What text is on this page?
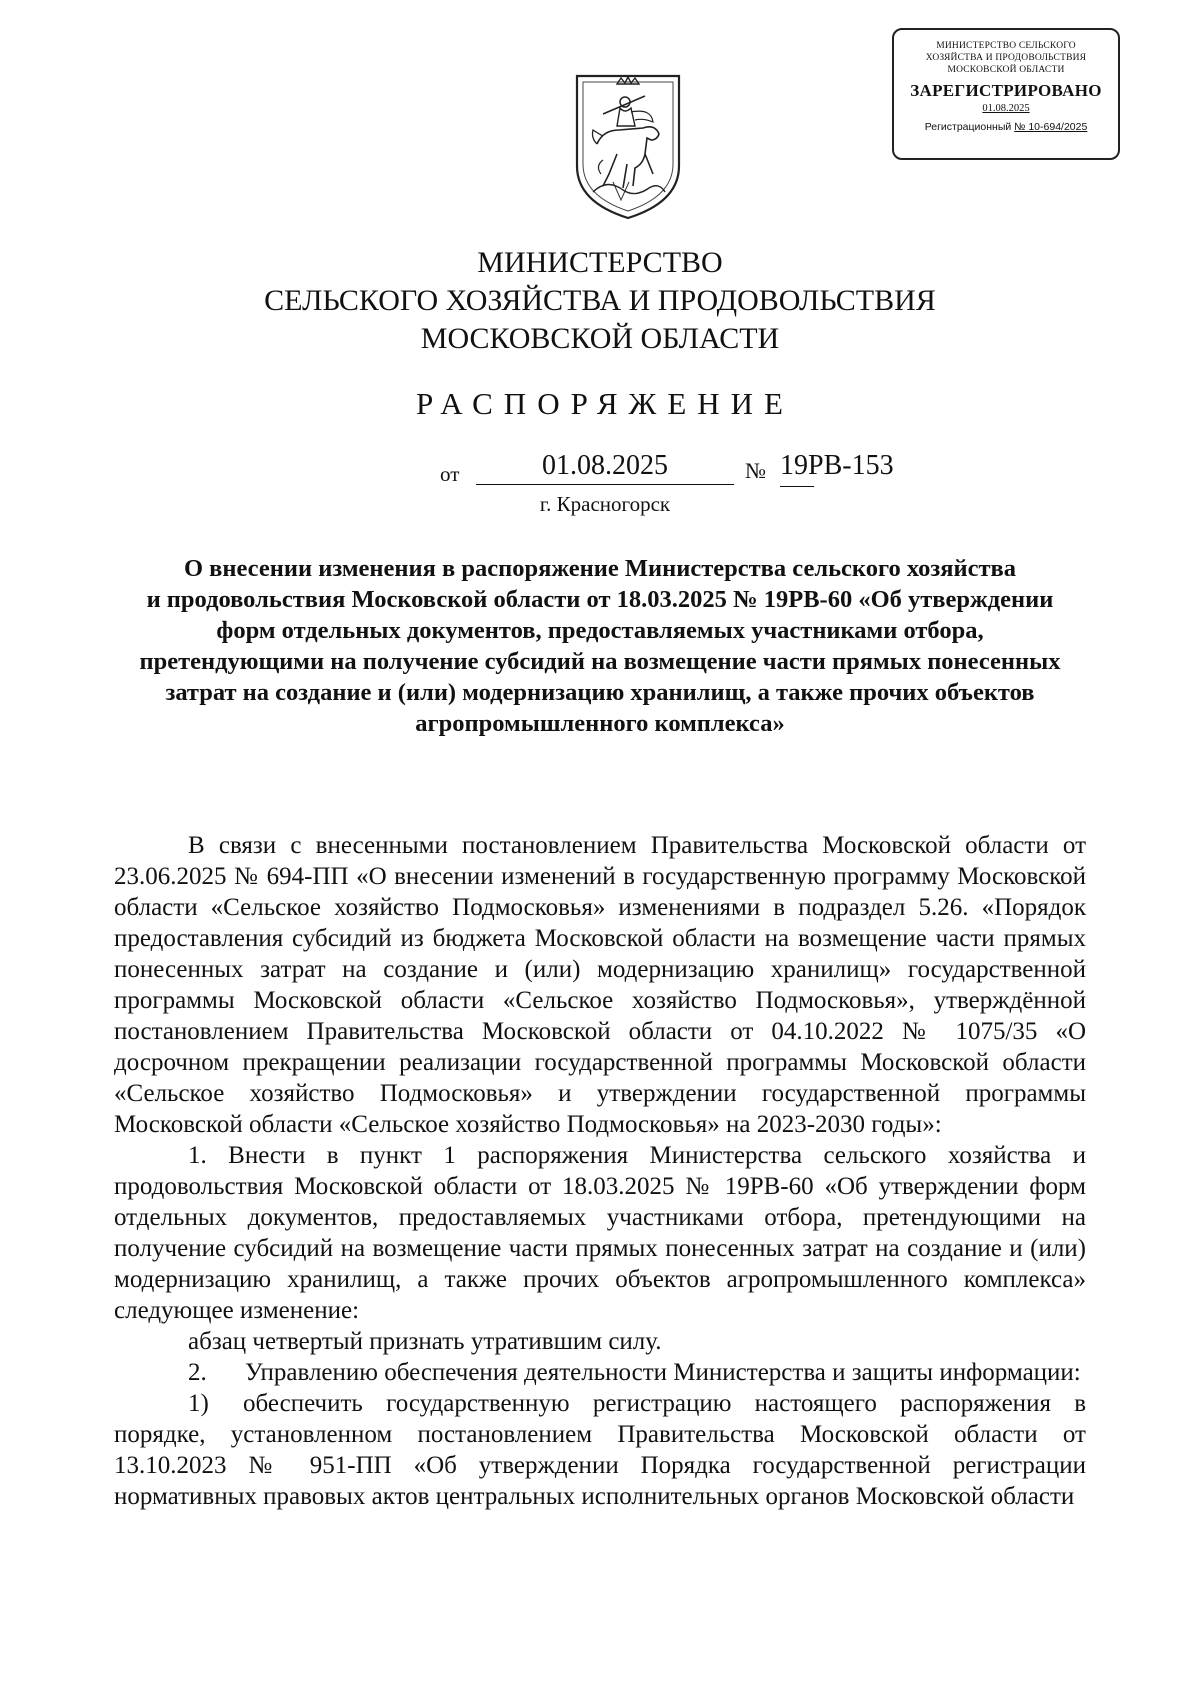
МИНИСТЕРСТВО СЕЛЬСКОГО
ХОЗЯЙСТВА И ПРОДОВОЛЬСТВИЯ
МОСКОВСКОЙ ОБЛАСТИ
ЗАРЕГИСТРИРОВАНО
01.08.2025
Регистрационный № 10-694/2025
МИНИСТЕРСТВО
СЕЛЬСКОГО ХОЗЯЙСТВА И ПРОДОВОЛЬСТВИЯ
МОСКОВСКОЙ ОБЛАСТИ
РАСПОРЯЖЕНИЕ
от	01.08.2025	№ 19РВ-153
г. Красногорск
О внесении изменения в распоряжение Министерства сельского хозяйства
и продовольствия Московской области от 18.03.2025 № 19РВ-60 «Об утверждении
форм отдельных документов, предоставляемых участниками отбора,
претендующими на получение субсидий на возмещение части прямых понесенных
затрат на создание и (или) модернизацию хранилищ, а также прочих объектов
агропромышленного комплекса»

В связи с внесенными постановлением Правительства Московской области от 23.06.2025 № 694-ПП «О внесении изменений в государственную программу Московской области «Сельское хозяйство Подмосковья» изменениями в подраздел 5.26. «Порядок предоставления субсидий из бюджета Московской области на возмещение части прямых понесенных затрат на создание и (или) модернизацию хранилищ» государственной программы Московской области «Сельское хозяйство Подмосковья», утверждённой постановлением Правительства Московской области от 04.10.2022 № 1075/35 «О досрочном прекращении реализации государственной программы Московской области «Сельское хозяйство Подмосковья» и утверждении государственной программы Московской области «Сельское хозяйство Подмосковья» на 2023-2030 годы»:

1. Внести в пункт 1 распоряжения Министерства сельского хозяйства и продовольствия Московской области от 18.03.2025 № 19РВ-60 «Об утверждении форм отдельных документов, предоставляемых участниками отбора, претендующими на получение субсидий на возмещение части прямых понесенных затрат на создание и (или) модернизацию хранилищ, а также прочих объектов агропромышленного комплекса» следующее изменение:

абзац четвертый признать утратившим силу.

2. Управлению обеспечения деятельности Министерства и защиты информации:

1) обеспечить государственную регистрацию настоящего распоряжения в порядке, установленном постановлением Правительства Московской области от 13.10.2023 № 951-ПП «Об утверждении Порядка государственной регистрации нормативных правовых актов центральных исполнительных органов Московской области
